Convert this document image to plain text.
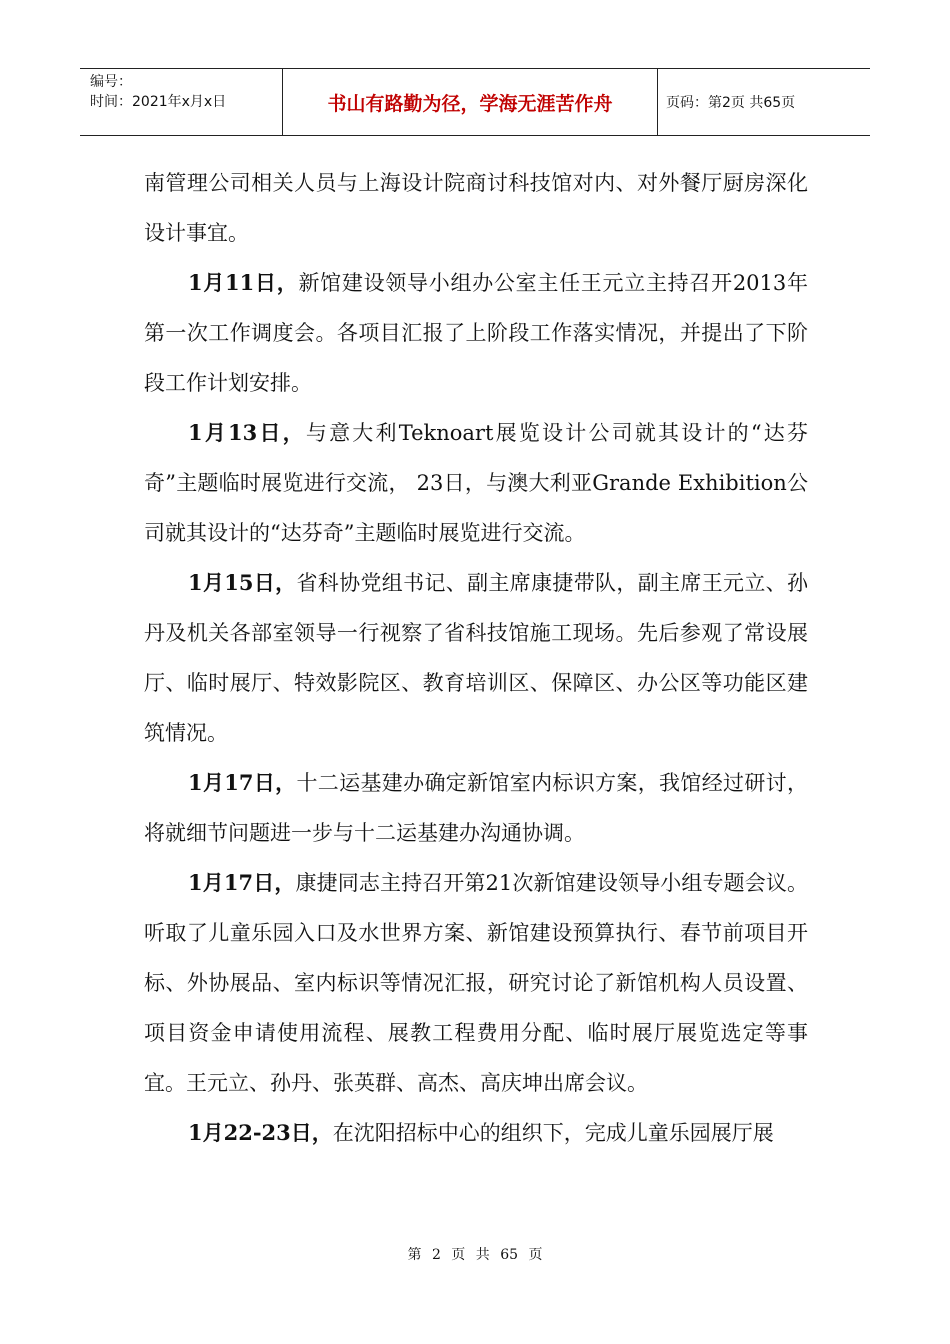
编号：
时间：2021年x月x日	书山有路勤为径，学海无涯苦作舟	页码：第2页 共65页

南管理公司相关人员与上海设计院商讨科技馆对内、对外餐厅厨房深化设计事宜。

1月11日，新馆建设领导小组办公室主任王元立主持召开2013年第一次工作调度会。各项目汇报了上阶段工作落实情况，并提出了下阶段工作计划安排。

1月13日，与意大利Teknoart展览设计公司就其设计的“达芬奇”主题临时展览进行交流， 23日，与澳大利亚Grande Exhibition公司就其设计的“达芬奇”主题临时展览进行交流。

1月15日，省科协党组书记、副主席康捷带队，副主席王元立、孙丹及机关各部室领导一行视察了省科技馆施工现场。先后参观了常设展厅、临时展厅、特效影院区、教育培训区、保障区、办公区等功能区建筑情况。

1月17日，十二运基建办确定新馆室内标识方案，我馆经过研讨，将就细节问题进一步与十二运基建办沟通协调。

1月17日，康捷同志主持召开第21次新馆建设领导小组专题会议。听取了儿童乐园入口及水世界方案、新馆建设预算执行、春节前项目开标、外协展品、室内标识等情况汇报，研究讨论了新馆机构人员设置、项目资金申请使用流程、展教工程费用分配、临时展厅展览选定等事宜。王元立、孙丹、张英群、高杰、高庆坤出席会议。

1月22-23日，在沈阳招标中心的组织下，完成儿童乐园展厅展

第 2 页 共 65 页
